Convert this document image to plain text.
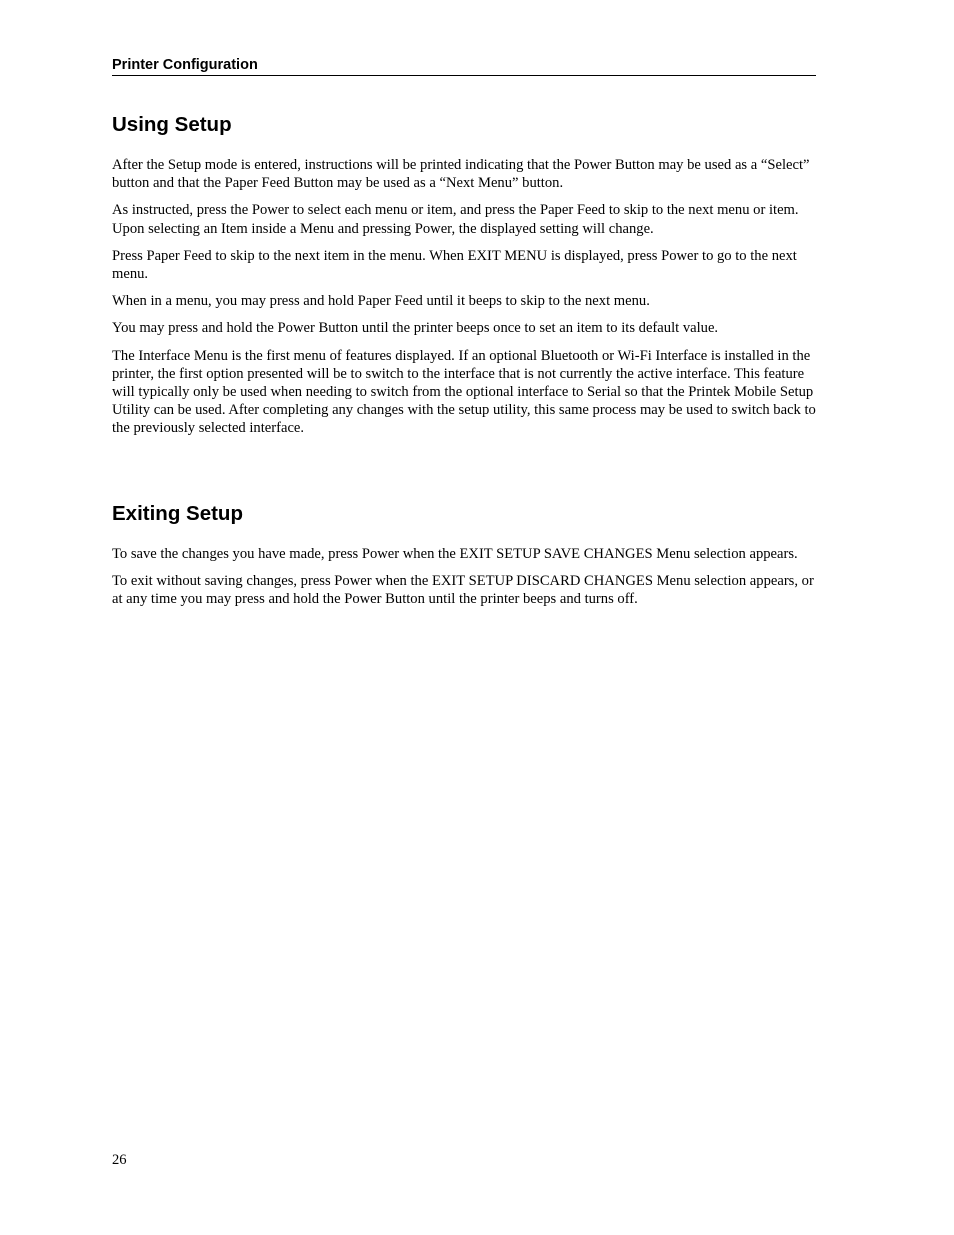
Printer Configuration
Using Setup

After the Setup mode is entered, instructions will be printed indicating that the Power Button may be used as a “Select” button and that the Paper Feed Button may be used as a “Next Menu” button.

As instructed, press the Power to select each menu or item, and press the Paper Feed to skip to the next menu or item. Upon selecting an Item inside a Menu and pressing Power, the displayed setting will change.

Press Paper Feed to skip to the next item in the menu. When EXIT MENU is displayed, press Power to go to the next menu.

When in a menu, you may press and hold Paper Feed until it beeps to skip to the next menu.

You may press and hold the Power Button until the printer beeps once to set an item to its default value.

The Interface Menu is the first menu of features displayed. If an optional Bluetooth or Wi-Fi Interface is installed in the printer, the first option presented will be to switch to the interface that is not currently the active interface. This feature will typically only be used when needing to switch from the optional interface to Serial so that the Printek Mobile Setup Utility can be used. After completing any changes with the setup utility, this same process may be used to switch back to the previously selected interface.

Exiting Setup

To save the changes you have made, press Power when the EXIT SETUP SAVE CHANGES Menu selection appears.

To exit without saving changes, press Power when the EXIT SETUP DISCARD CHANGES Menu selection appears, or at any time you may press and hold the Power Button until the printer beeps and turns off.

26
